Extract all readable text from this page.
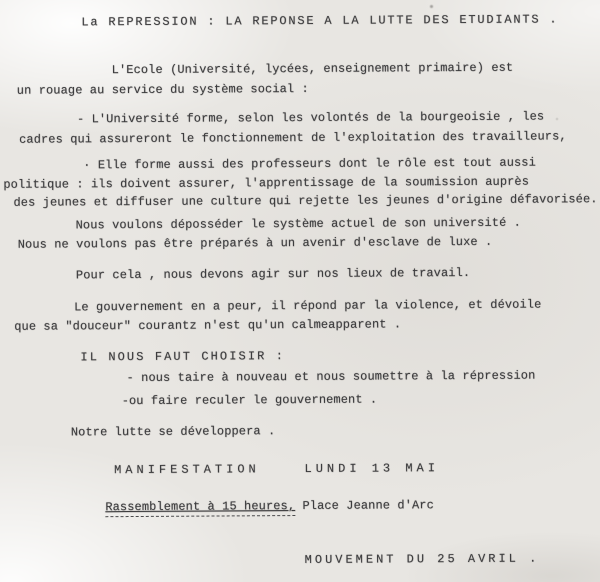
La REPRESSION : LA REPONSE A LA LUTTE DES ETUDIANTS .
L'Ecole (Université, lycées, enseignement primaire) est
un rouage au service du système social :
- L'Université forme, selon les volontés de la bourgeoisie , les
cadres qui assureront le fonctionnement de l'exploitation des travailleurs,
· Elle forme aussi des professeurs dont le rôle est tout aussi
politique : ils doivent assurer, l'apprentissage de la soumission auprès
des jeunes et diffuser une culture qui rejette les jeunes d'origine défavorisée.
Nous voulons déposséder le système actuel de son université .
Nous ne voulons pas être préparés à un avenir d'esclave de luxe .
Pour cela , nous devons agir sur nos lieux de travail.
Le gouvernement en a peur, il répond par la violence, et dévoile
que sa "douceur" courantz n'est qu'un calmeapparent .
IL NOUS FAUT CHOISIR :
- nous taire à nouveau et nous soumettre à la répression
-ou faire reculer le gouvernement .
Notre lutte se développera .
MANIFESTATION    LUNDI 13 MAI
Rassemblement à 15 heures, Place Jeanne d'Arc
MOUVEMENT DU 25 AVRIL .
